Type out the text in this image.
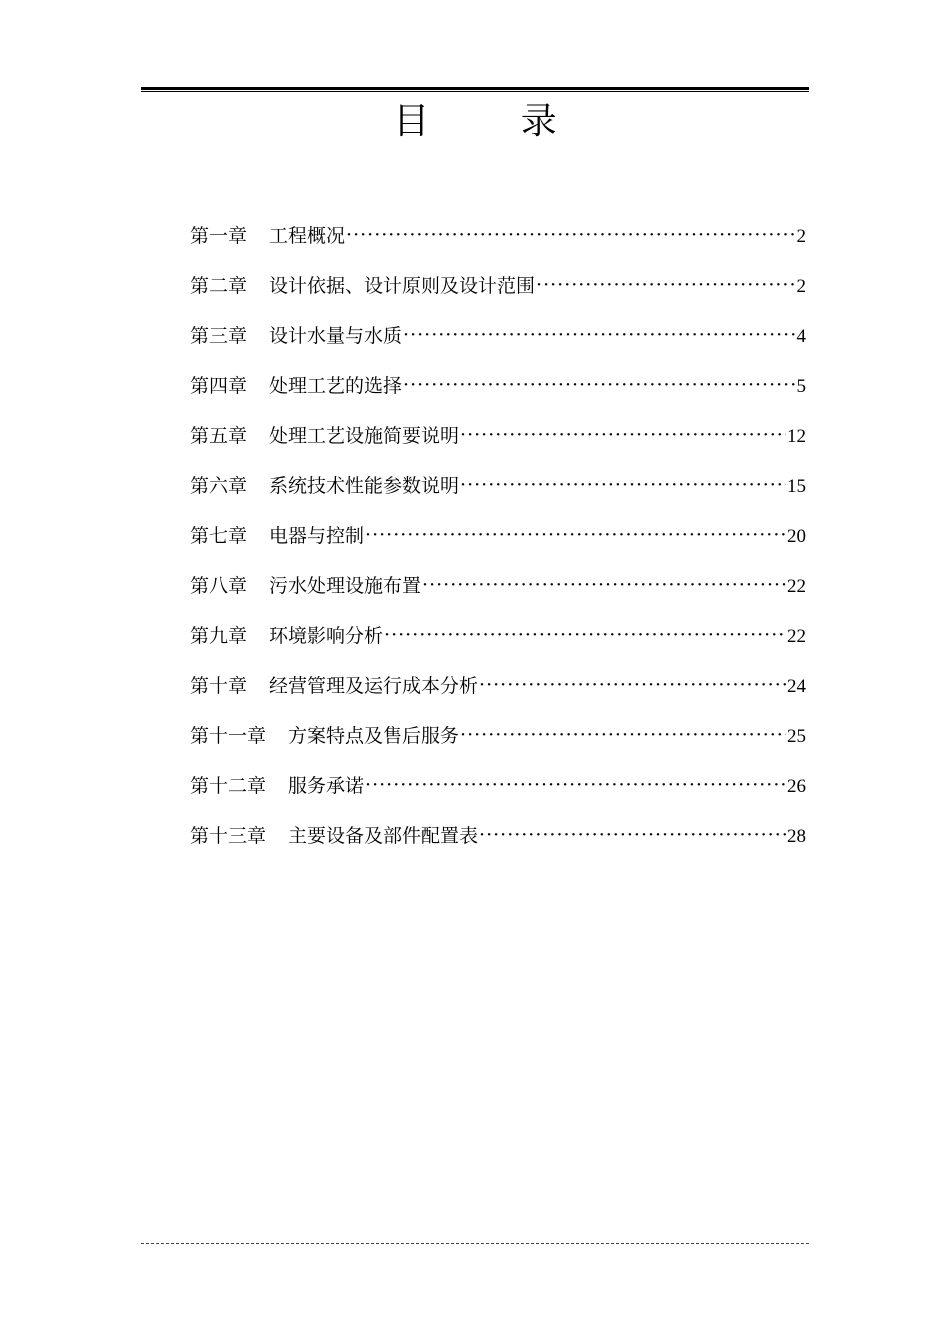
目 录
第一章 工程概况 ·····	2
第二章 设计依据、设计原则及设计范围 ·····	2
第三章 设计水量与水质 ·····	4
第四章 处理工艺的选择 ·····	5
第五章 处理工艺设施简要说明 ·····	12
第六章 系统技术性能参数说明 ·····	15
第七章 电器与控制 ·····	20
第八章 污水处理设施布置 ·····	22
第九章 环境影响分析 ·····	22
第十章 经营管理及运行成本分析 ·····	24
第十一章 方案特点及售后服务 ·····	25
第十二章 服务承诺 ·····	26
第十三章 主要设备及部件配置表 ·····	28
